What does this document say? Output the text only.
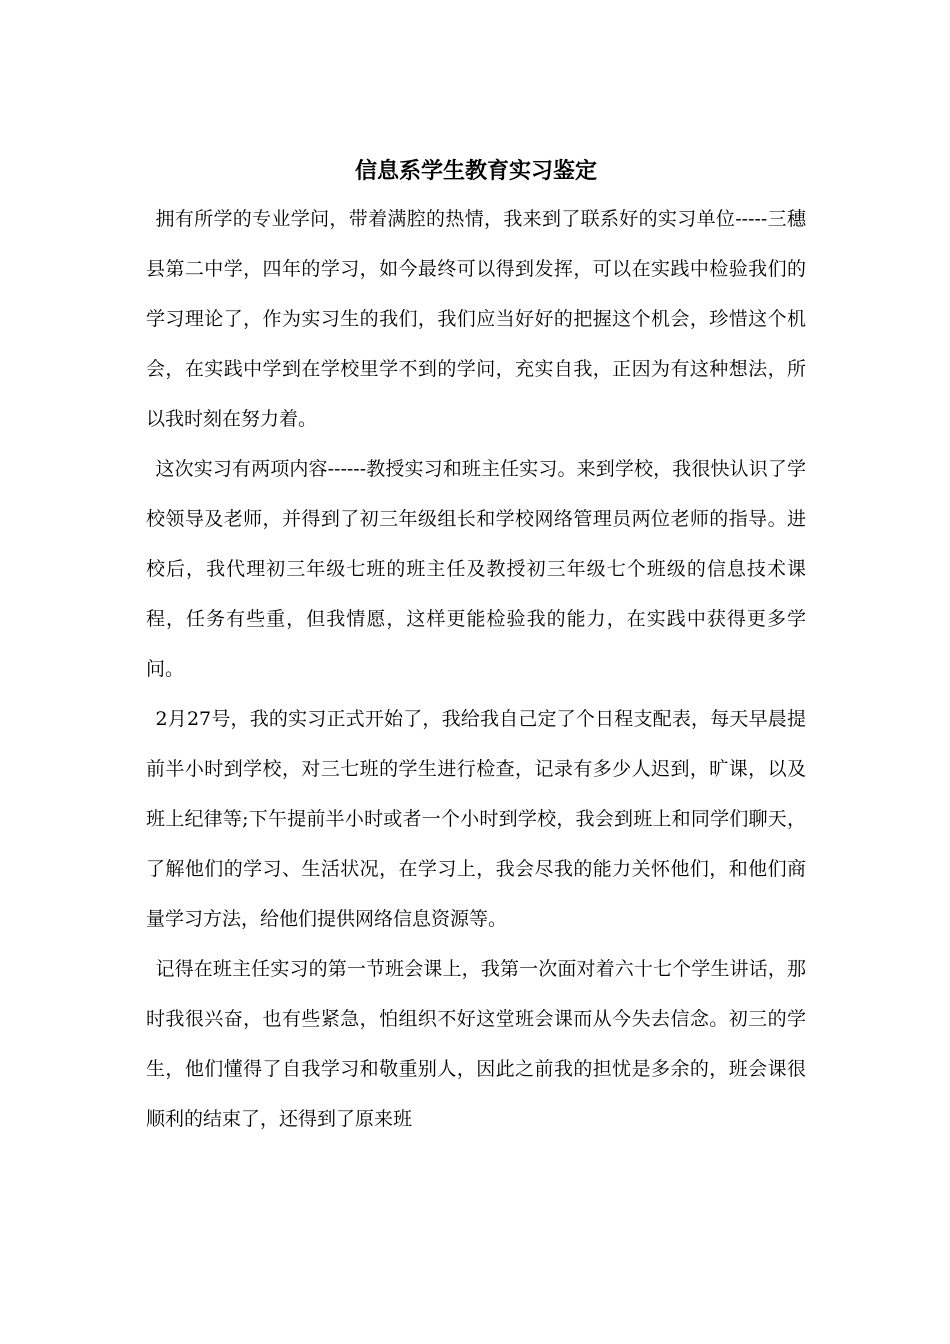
信息系学生教育实习鉴定

拥有所学的专业学问，带着满腔的热情，我来到了联系好的实习单位-----三穗县第二中学，四年的学习，如今最终可以得到发挥，可以在实践中检验我们的学习理论了，作为实习生的我们，我们应当好好的把握这个机会，珍惜这个机会，在实践中学到在学校里学不到的学问，充实自我，正因为有这种想法，所以我时刻在努力着。

这次实习有两项内容------教授实习和班主任实习。来到学校，我很快认识了学校领导及老师，并得到了初三年级组长和学校网络管理员两位老师的指导。进校后，我代理初三年级七班的班主任及教授初三年级七个班级的信息技术课程，任务有些重，但我情愿，这样更能检验我的能力，在实践中获得更多学问。

2月27号，我的实习正式开始了，我给我自己定了个日程支配表，每天早晨提前半小时到学校，对三七班的学生进行检查，记录有多少人迟到，旷课，以及班上纪律等;下午提前半小时或者一个小时到学校，我会到班上和同学们聊天，了解他们的学习、生活状况，在学习上，我会尽我的能力关怀他们，和他们商量学习方法，给他们提供网络信息资源等。

记得在班主任实习的第一节班会课上，我第一次面对着六十七个学生讲话，那时我很兴奋，也有些紧急，怕组织不好这堂班会课而从今失去信念。初三的学生，他们懂得了自我学习和敬重别人，因此之前我的担忧是多余的，班会课很顺利的结束了，还得到了原来班
